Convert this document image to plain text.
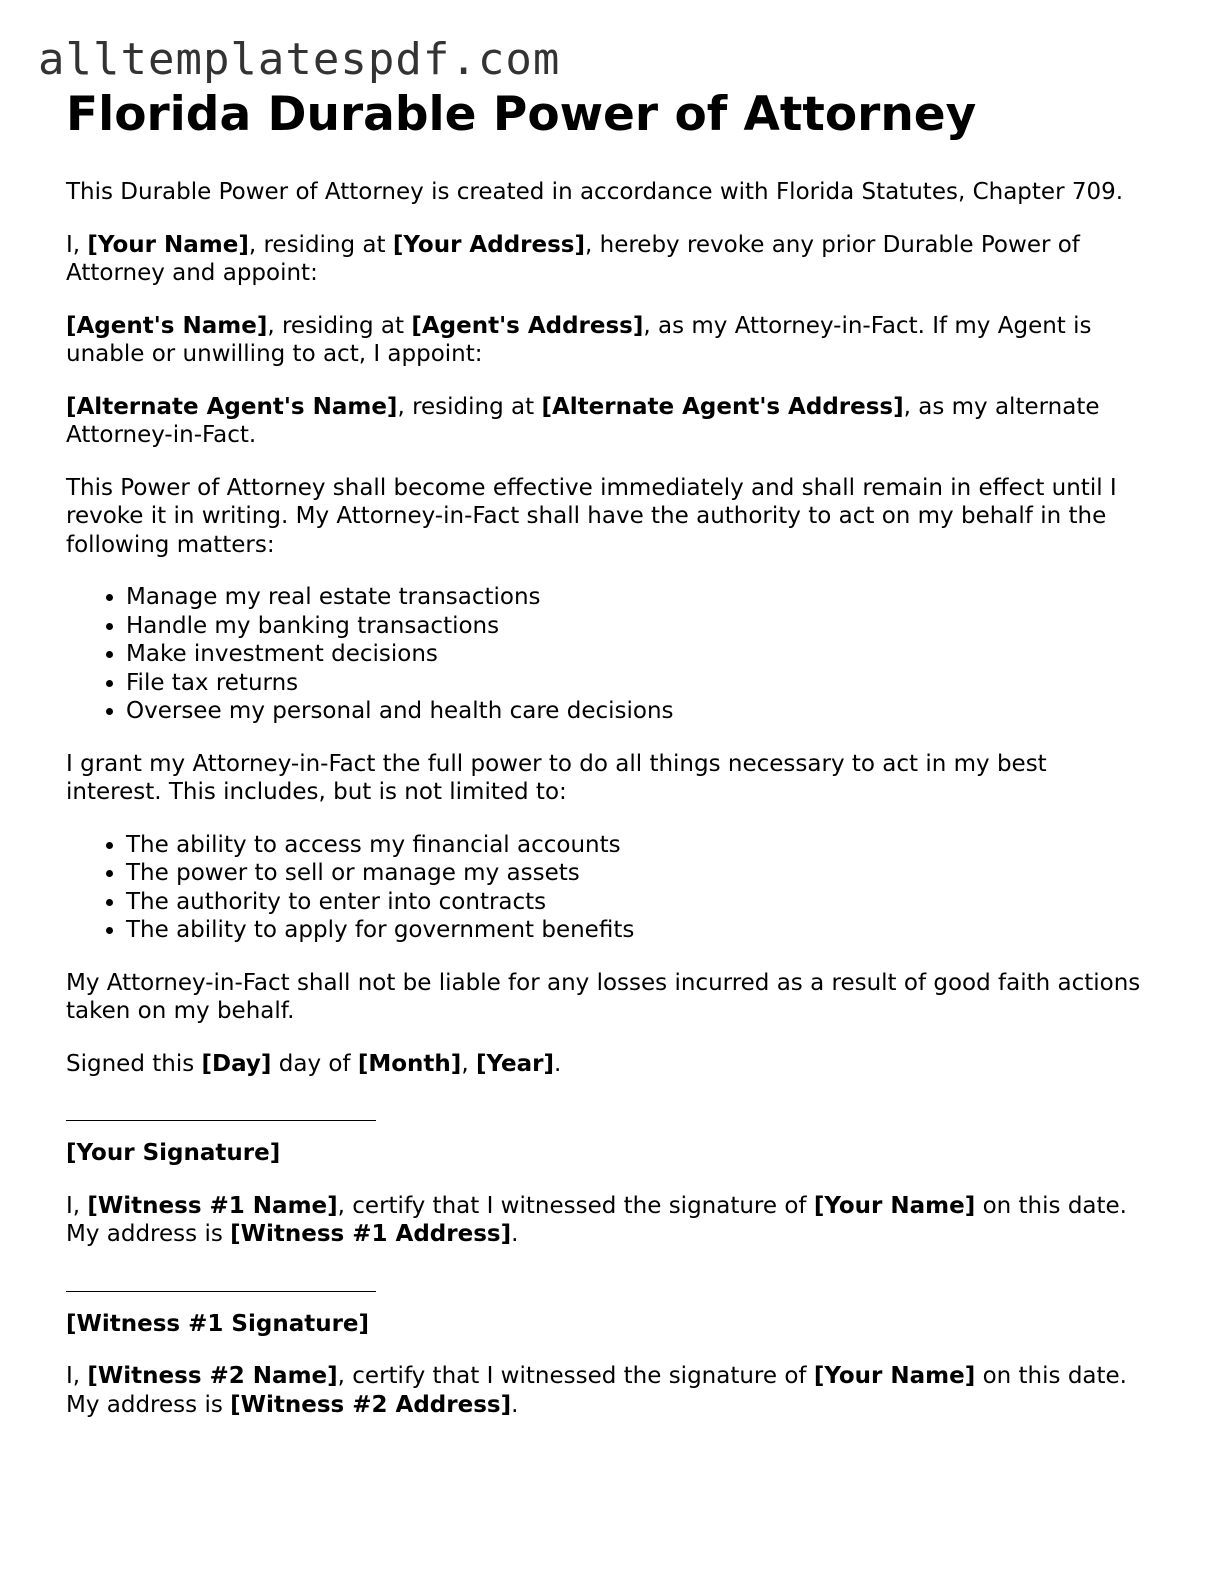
alltemplatespdf.com
Florida Durable Power of Attorney

This Durable Power of Attorney is created in accordance with Florida Statutes, Chapter 709.

I, [Your Name], residing at [Your Address], hereby revoke any prior Durable Power of Attorney and appoint:

[Agent's Name], residing at [Agent's Address], as my Attorney-in-Fact. If my Agent is unable or unwilling to act, I appoint:

[Alternate Agent's Name], residing at [Alternate Agent's Address], as my alternate Attorney-in-Fact.

This Power of Attorney shall become effective immediately and shall remain in effect until I revoke it in writing. My Attorney-in-Fact shall have the authority to act on my behalf in the following matters:

• Manage my real estate transactions
• Handle my banking transactions
• Make investment decisions
• File tax returns
• Oversee my personal and health care decisions

I grant my Attorney-in-Fact the full power to do all things necessary to act in my best interest. This includes, but is not limited to:

• The ability to access my financial accounts
• The power to sell or manage my assets
• The authority to enter into contracts
• The ability to apply for government benefits

My Attorney-in-Fact shall not be liable for any losses incurred as a result of good faith actions taken on my behalf.

Signed this [Day] day of [Month], [Year].

[Your Signature]

I, [Witness #1 Name], certify that I witnessed the signature of [Your Name] on this date. My address is [Witness #1 Address].

[Witness #1 Signature]

I, [Witness #2 Name], certify that I witnessed the signature of [Your Name] on this date. My address is [Witness #2 Address].
